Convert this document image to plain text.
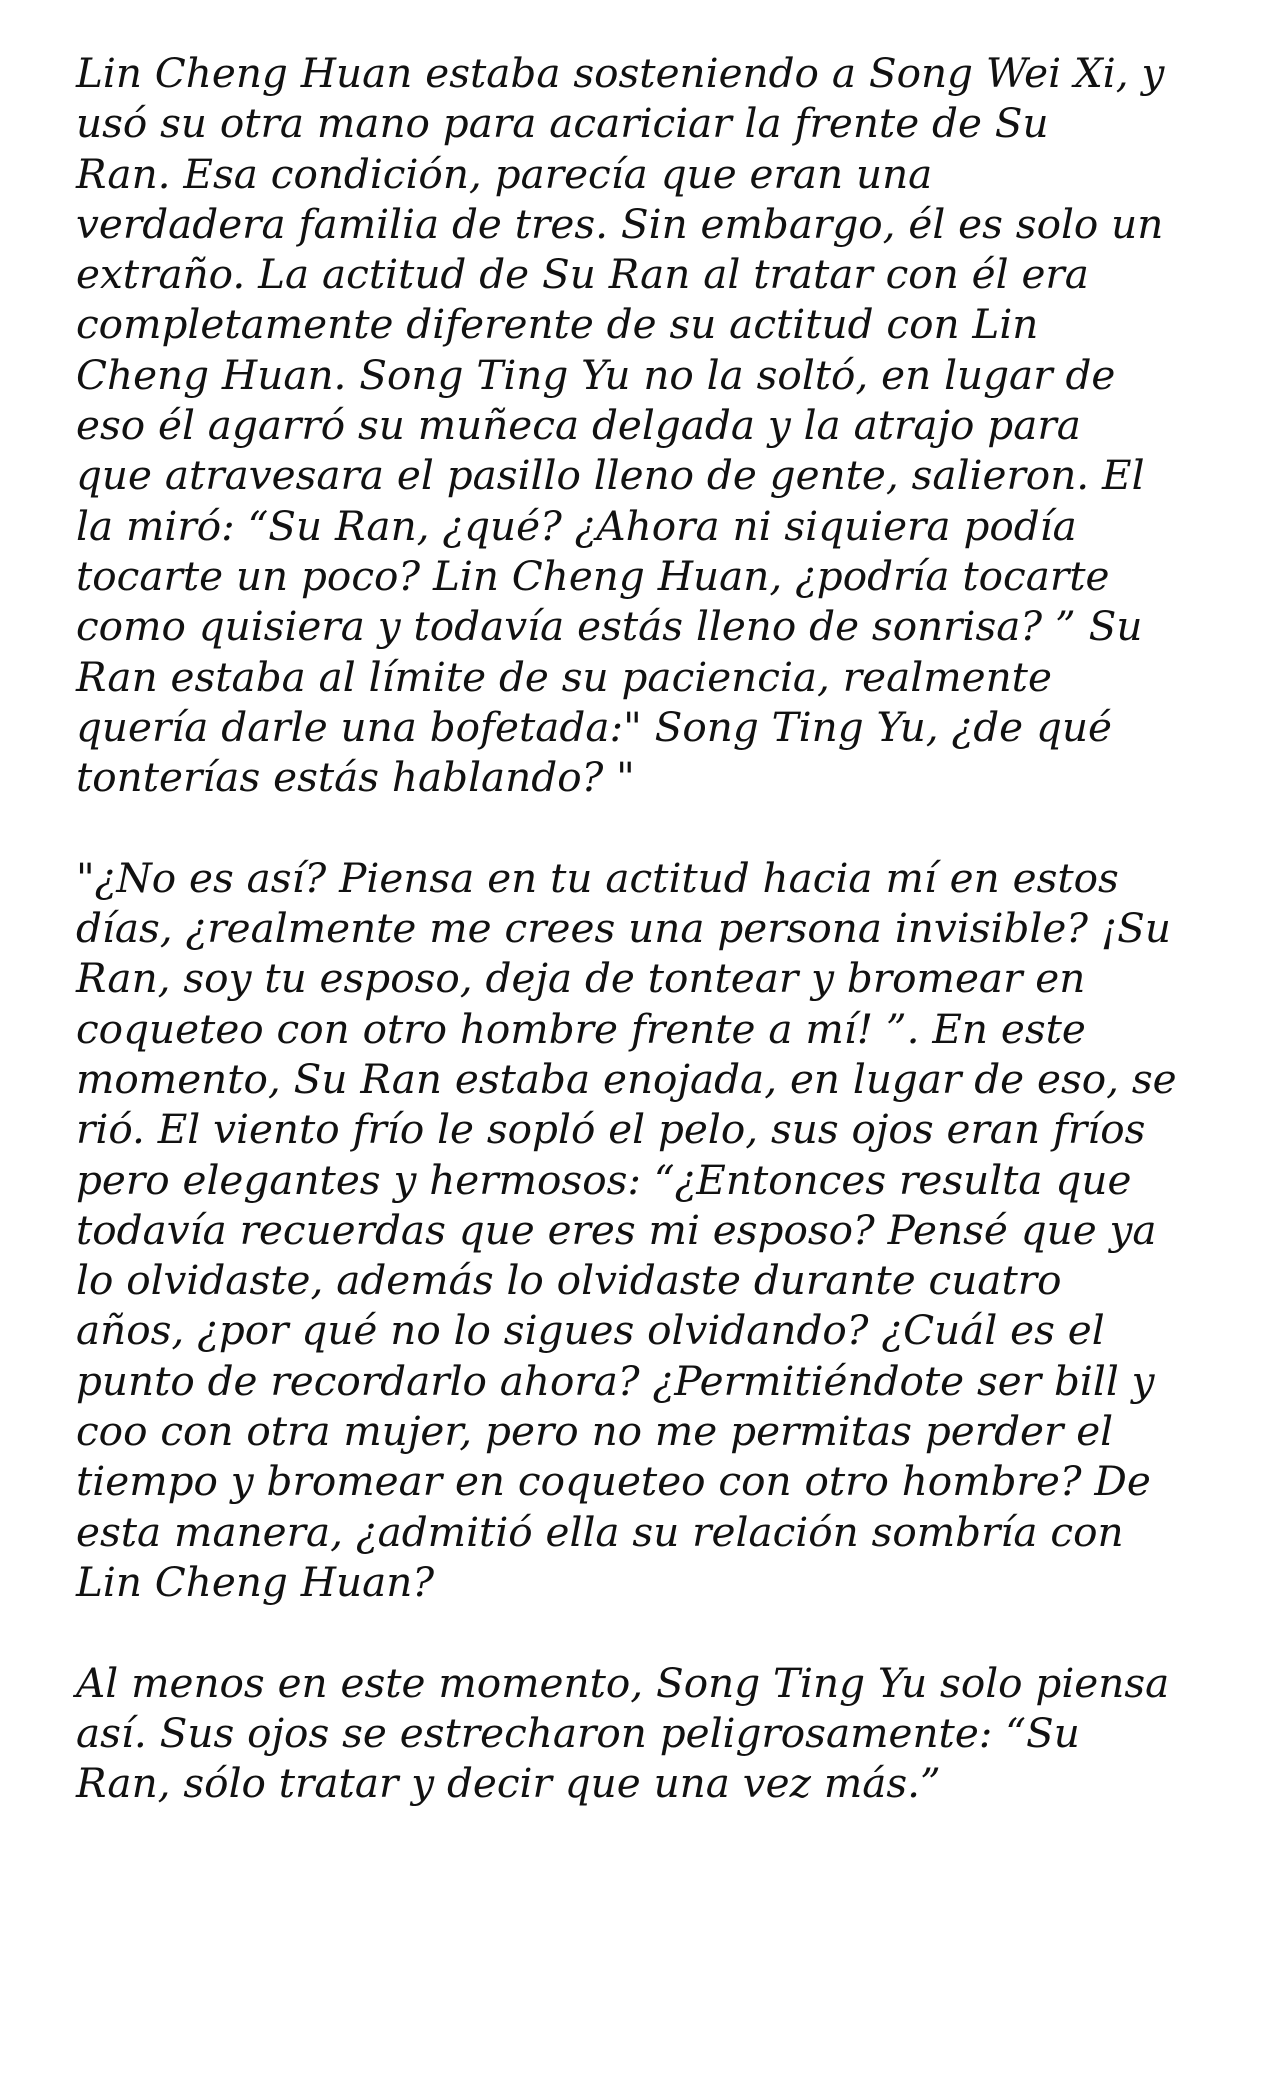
Lin Cheng Huan estaba sosteniendo a Song Wei Xi, y
usó su otra mano para acariciar la frente de Su
Ran. Esa condición, parecía que eran una
verdadera familia de tres. Sin embargo, él es solo un
extraño. La actitud de Su Ran al tratar con él era
completamente diferente de su actitud con Lin
Cheng Huan. Song Ting Yu no la soltó, en lugar de
eso él agarró su muñeca delgada y la atrajo para
que atravesara el pasillo lleno de gente, salieron. El
la miró: “Su Ran, ¿qué? ¿Ahora ni siquiera podía
tocarte un poco? Lin Cheng Huan, ¿podría tocarte
como quisiera y todavía estás lleno de sonrisa? ” Su
Ran estaba al límite de su paciencia, realmente
quería darle una bofetada:" Song Ting Yu, ¿de qué
tonterías estás hablando? "

"¿No es así? Piensa en tu actitud hacia mí en estos
días, ¿realmente me crees una persona invisible? ¡Su
Ran, soy tu esposo, deja de tontear y bromear en
coqueteo con otro hombre frente a mí! ”. En este
momento, Su Ran estaba enojada, en lugar de eso, se
rió. El viento frío le sopló el pelo, sus ojos eran fríos
pero elegantes y hermosos: “¿Entonces resulta que
todavía recuerdas que eres mi esposo? Pensé que ya
lo olvidaste, además lo olvidaste durante cuatro
años, ¿por qué no lo sigues olvidando? ¿Cuál es el
punto de recordarlo ahora? ¿Permitiéndote ser bill y
coo con otra mujer, pero no me permitas perder el
tiempo y bromear en coqueteo con otro hombre? De
esta manera, ¿admitió ella su relación sombría con
Lin Cheng Huan?

Al menos en este momento, Song Ting Yu solo piensa
así. Sus ojos se estrecharon peligrosamente: “Su
Ran, sólo tratar y decir que una vez más.”
